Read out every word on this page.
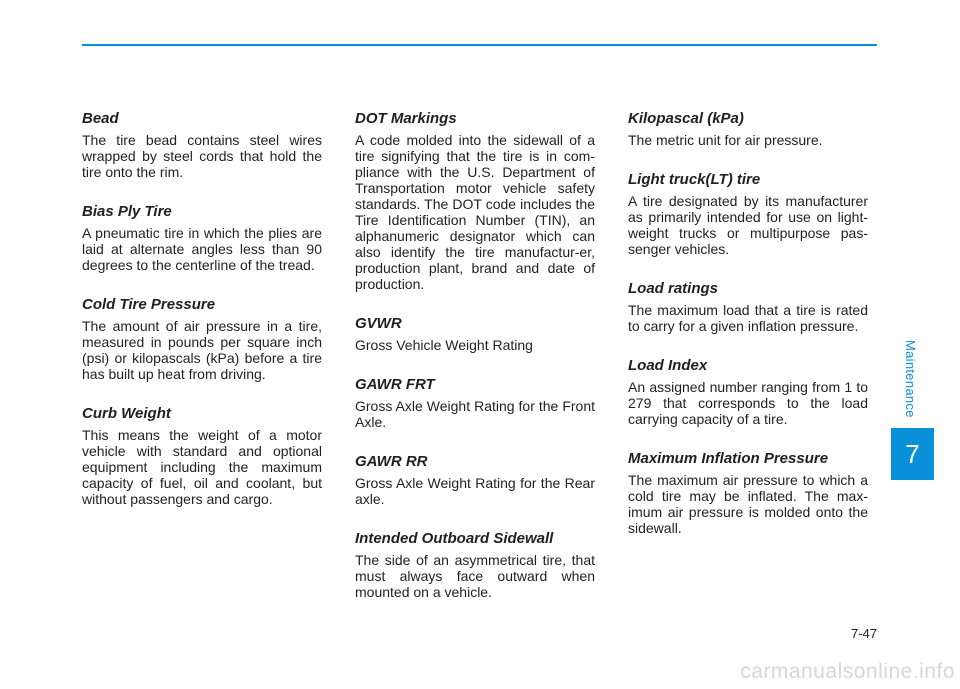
Bead

The tire bead contains steel wires wrapped by steel cords that hold the tire onto the rim.

Bias Ply Tire

A pneumatic tire in which the plies are laid at alternate angles less than 90 degrees to the centerline of the tread.

Cold Tire Pressure

The amount of air pressure in a tire, measured in pounds per square inch (psi) or kilopascals (kPa) before a tire has built up heat from driving.

Curb Weight

This means the weight of a motor vehicle with standard and optional equipment including the maximum capacity of fuel, oil and coolant, but without passengers and cargo.

DOT Markings

A code molded into the sidewall of a tire signifying that the tire is in com-pliance with the U.S. Department of Transportation motor vehicle safety standards. The DOT code includes the Tire Identification Number (TIN), an alphanumeric designator which can also identify the tire manufactur-er, production plant, brand and date of production.

GVWR

Gross Vehicle Weight Rating

GAWR FRT

Gross Axle Weight Rating for the Front Axle.

GAWR RR

Gross Axle Weight Rating for the Rear axle.

Intended Outboard Sidewall

The side of an asymmetrical tire, that must always face outward when mounted on a vehicle.

Kilopascal (kPa)

The metric unit for air pressure.

Light truck(LT) tire

A tire designated by its manufacturer as primarily intended for use on light-weight trucks or multipurpose pas-senger vehicles.

Load ratings

The maximum load that a tire is rated to carry for a given inflation pressure.

Load Index

An assigned number ranging from 1 to 279 that corresponds to the load carrying capacity of a tire.

Maximum Inflation Pressure

The maximum air pressure to which a cold tire may be inflated. The max-imum air pressure is molded onto the sidewall.

Maintenance
7
7-47
carmanualsonline.info
